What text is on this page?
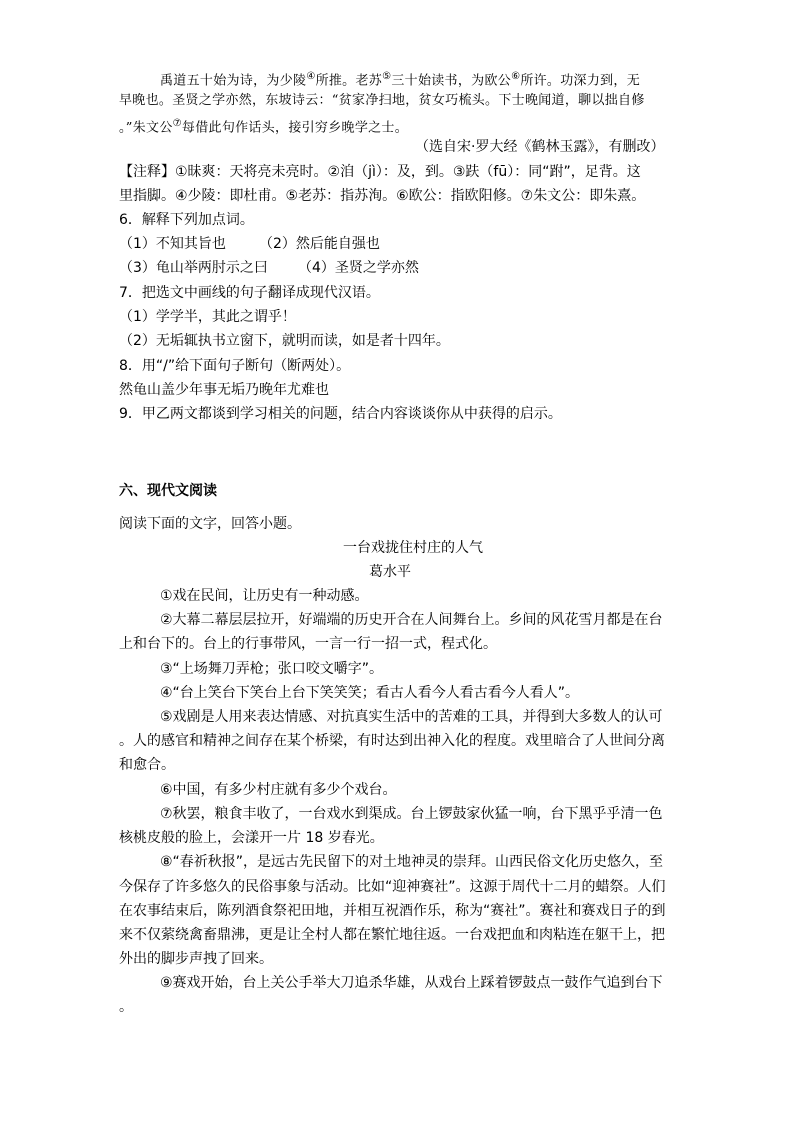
禹道五十始为诗，为少陵④所推。老苏⑤三十始读书，为欧公⑥所许。功深力到，无
早晚也。圣贤之学亦然，东坡诗云：“贫家净扫地，贫女巧梳头。下士晚闻道，聊以拙自修
。”朱文公⑦每借此句作话头，接引穷乡晚学之士。
（选自宋·罗大经《鹤林玉露》，有删改）
【注释】①昧爽：天将亮未亮时。②洎（jì）：及，到。③趺（fū）：同“跗”，足背。这
里指脚。④少陵：即杜甫。⑤老苏：指苏洵。⑥欧公：指欧阳修。⑦朱文公：即朱熹。
6．解释下列加点词。
（1）不知其旨也 （2）然后能自强也
（3）龟山举两肘示之曰 （4）圣贤之学亦然
7．把选文中画线的句子翻译成现代汉语。
（1）学学半，其此之谓乎！
（2）无垢辄执书立窗下，就明而读，如是者十四年。
8．用“/”给下面句子断句（断两处）。
然龟山盖少年事无垢乃晚年尤难也
9．甲乙两文都谈到学习相关的问题，结合内容谈谈你从中获得的启示。
六、现代文阅读
阅读下面的文字，回答小题。
一台戏拢住村庄的人气
葛水平
①戏在民间，让历史有一种动感。
②大幕二幕层层拉开，好端端的历史开合在人间舞台上。乡间的风花雪月都是在台
上和台下的。台上的行事带风，一言一行一招一式，程式化。
③“上场舞刀弄枪；张口咬文嚼字”。
④“台上笑台下笑台上台下笑笑笑；看古人看今人看古看今人看人”。
⑤戏剧是人用来表达情感、对抗真实生活中的苦难的工具，并得到大多数人的认可
。人的感官和精神之间存在某个桥梁，有时达到出神入化的程度。戏里暗合了人世间分离
和愈合。
⑥中国，有多少村庄就有多少个戏台。
⑦秋罢，粮食丰收了，一台戏水到渠成。台上锣鼓家伙猛一响，台下黑乎乎清一色
核桃皮般的脸上，会漾开一片 18 岁春光。
⑧“春祈秋报”，是远古先民留下的对土地神灵的崇拜。山西民俗文化历史悠久，至
今保存了许多悠久的民俗事象与活动。比如“迎神赛社”。这源于周代十二月的蜡祭。人们
在农事结束后，陈列酒食祭祀田地，并相互祝酒作乐，称为“赛社”。赛社和赛戏日子的到
来不仅萦绕禽畜鼎沸，更是让全村人都在繁忙地往返。一台戏把血和肉粘连在躯干上，把
外出的脚步声拽了回来。
⑨赛戏开始，台上关公手举大刀追杀华雄，从戏台上踩着锣鼓点一鼓作气追到台下
。
